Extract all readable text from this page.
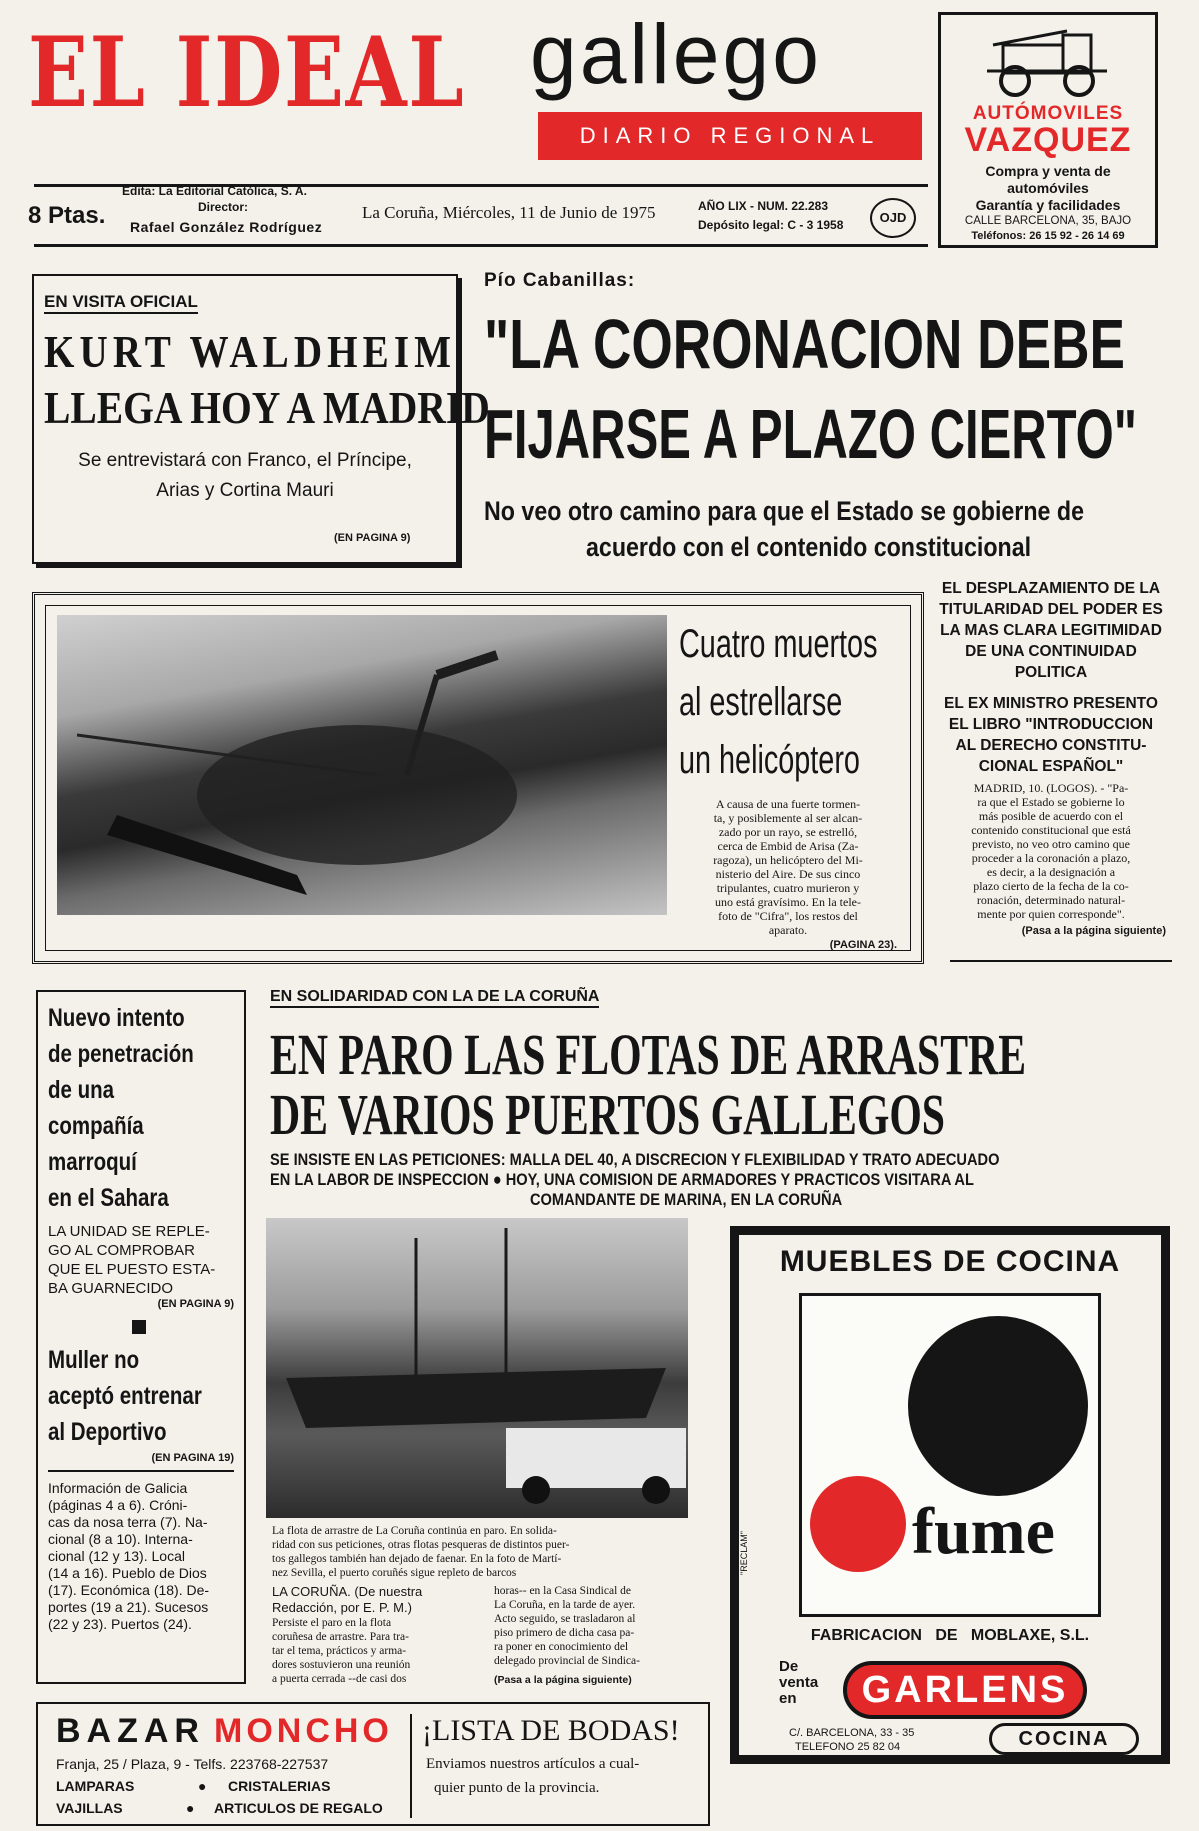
EL IDEAL gallego
DIARIO REGIONAL
8 Ptas.
Edita: La Editorial Católica, S. A.
Director:
Rafael González Rodríguez
La Coruña, Miércoles, 11 de Junio de 1975	AÑO LIX - NUM. 22.283
Depósito legal: C - 3 1958	OJD
AUTÓMOVILES
VAZQUEZ
Compra y venta de
automóviles
Garantía y facilidades
CALLE BARCELONA, 35, BAJO
Teléfonos: 26 15 92 - 26 14 69
EN VISITA OFICIAL
KURT WALDHEIM
LLEGA HOY A MADRID
Se entrevistará con Franco, el Príncipe,
Arias y Cortina Mauri
(EN PAGINA 9)
Pío Cabanillas:
"LA CORONACION DEBE
FIJARSE A PLAZO CIERTO"
No veo otro camino para que el Estado se gobierne de
acuerdo con el contenido constitucional
EL DESPLAZAMIENTO DE LA
TITULARIDAD DEL PODER ES
LA MAS CLARA LEGITIMIDAD
DE UNA CONTINUIDAD
POLITICA
EL EX MINISTRO PRESENTO
EL LIBRO "INTRODUCCION
AL DERECHO CONSTITU-
CIONAL ESPAÑOL"
MADRID, 10. (LOGOS). - "Pa-
ra que el Estado se gobierne lo
más posible de acuerdo con el
contenido constitucional que está
previsto, no veo otro camino que
proceder a la coronación a plazo,
es decir, a la designación a
plazo cierto de la fecha de la co-
ronación, determinado natural-
mente por quien corresponde".
(Pasa a la página siguiente)
Cuatro muertos
al estrellarse
un helicóptero
A causa de una fuerte tormen-
ta, y posiblemente al ser alcan-
zado por un rayo, se estrelló,
cerca de Embid de Arisa (Za-
ragoza), un helicóptero del Mi-
nisterio del Aire. De sus cinco
tripulantes, cuatro murieron y
uno está gravísimo. En la tele-
foto de "Cifra", los restos del
aparato.
(PAGINA 23).
Nuevo intento
de penetración
de una
compañía
marroquí
en el Sahara
LA UNIDAD SE REPLE-
GO AL COMPROBAR
QUE EL PUESTO ESTA-
BA GUARNECIDO
(EN PAGINA 9)
Muller no
aceptó entrenar
al Deportivo
(EN PAGINA 19)
Información de Galicia
(páginas 4 a 6). Cróni-
cas da nosa terra (7). Na-
cional (8 a 10). Interna-
cional (12 y 13). Local
(14 a 16). Pueblo de Dios
(17). Económica (18). De-
portes (19 a 21). Sucesos
(22 y 23). Puertos (24).
EN SOLIDARIDAD CON LA DE LA CORUÑA
EN PARO LAS FLOTAS DE ARRASTRE
DE VARIOS PUERTOS GALLEGOS
SE INSISTE EN LAS PETICIONES: MALLA DEL 40, A DISCRECION Y FLEXIBILIDAD Y TRATO ADECUADO
EN LA LABOR DE INSPECCION ● HOY, UNA COMISION DE ARMADORES Y PRACTICOS VISITARA AL
COMANDANTE DE MARINA, EN LA CORUÑA
La flota de arrastre de La Coruña continúa en paro. En solida-
ridad con sus peticiones, otras flotas pesqueras de distintos puer-
tos gallegos también han dejado de faenar. En la foto de Martí-
nez Sevilla, el puerto coruñés sigue repleto de barcos
LA CORUÑA. (De nuestra
Redacción, por E. P. M.)
Persiste el paro en la flota
coruñesa de arrastre. Para tra-
tar el tema, prácticos y arma-
dores sostuvieron una reunión
a puerta cerrada --de casi dos
horas-- en la Casa Sindical de
La Coruña, en la tarde de ayer.
Acto seguido, se trasladaron al
piso primero de dicha casa pa-
ra poner en conocimiento del
delegado provincial de Sindica-
(Pasa a la página siguiente)
MUEBLES DE COCINA
fume
"RECLAM"
FABRICACION   DE   MOBLAXE, S.L.
De
venta
en	GARLENS
C/. BARCELONA, 33 - 35
TELEFONO 25 82 04	COCINA
BAZAR MONCHO
Franja, 25 / Plaza, 9 - Telfs. 223768-227537
LAMPARAS	● CRISTALERIAS
VAJILLAS	● ARTICULOS DE REGALO
¡LISTA DE BODAS!
Enviamos nuestros artículos a cual-
quier punto de la provincia.
